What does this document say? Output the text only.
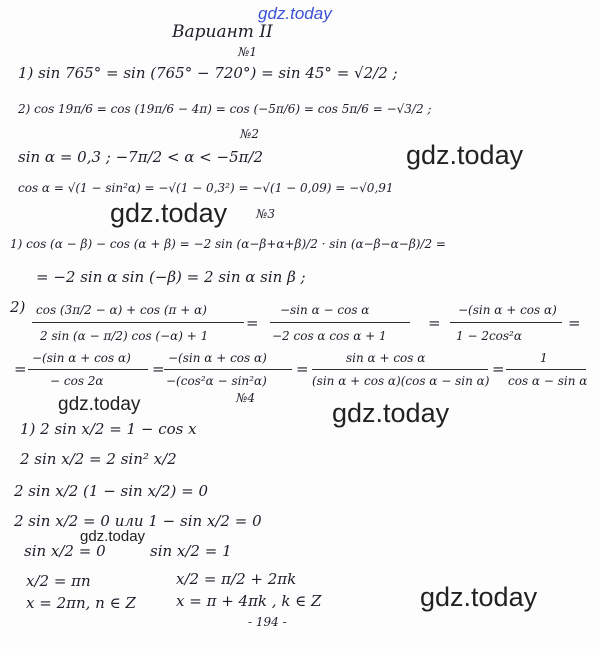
gdz.today
gdz.today
gdz.today
gdz.today
gdz.today
gdz.today
gdz.today
Вариант II
№1
1) sin 765° = sin (765° − 720°) = sin 45° = √2/2 ;
2) cos 19π/6 = cos (19π/6 − 4π) = cos (−5π/6) = cos 5π/6 = −√3/2 ;
№2
sin α = 0,3 ; −7π/2 < α < −5π/2
cos α = √(1 − sin²α) = −√(1 − 0,3²) = −√(1 − 0,09) = −√0,91
№3
1) cos (α − β) − cos (α + β) = −2 sin (α−β+α+β)/2 · sin (α−β−α−β)/2 =
= −2 sin α sin (−β) = 2 sin α sin β ;
2) cos (3π/2 − α) + cos (π + α)
2 sin (α − π/2) cos (−α) + 1
=
−sin α − cos α
−2 cos α cos α + 1
=
−(sin α + cos α)
1 − 2cos²α
=
=
−(sin α + cos α)
− cos 2α
=
−(sin α + cos α)
−(cos²α − sin²α)
=
sin α + cos α
(sin α + cos α)(cos α − sin α)
=
1
cos α − sin α
№4
1) 2 sin x/2 = 1 − cos x
2 sin x/2 = 2 sin² x/2
2 sin x/2 (1 − sin x/2) = 0
2 sin x/2 = 0 или 1 − sin x/2 = 0
sin x/2 = 0	sin x/2 = 1
x/2 = πn	x/2 = π/2 + 2πk
x = 2πn, n ∈ Z	x = π + 4πk , k ∈ Z
- 194 -
